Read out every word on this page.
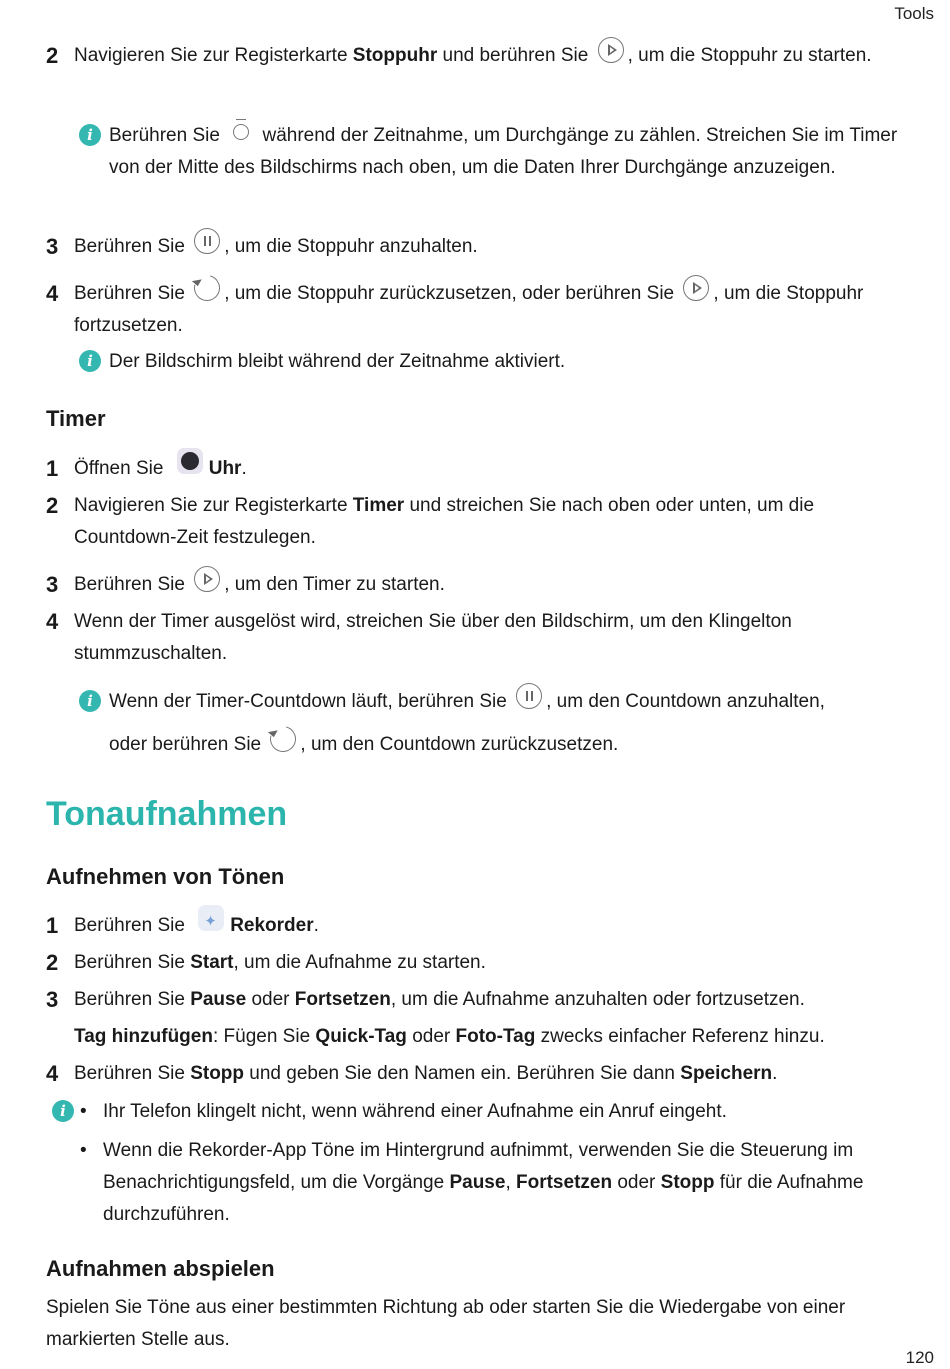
Tools
2 Navigieren Sie zur Registerkarte Stoppuhr und berühren Sie , um die Stoppuhr zu starten.
i Berühren Sie  während der Zeitnahme, um Durchgänge zu zählen. Streichen Sie im Timer von der Mitte des Bildschirms nach oben, um die Daten Ihrer Durchgänge anzuzeigen.
3 Berühren Sie , um die Stoppuhr anzuhalten.
4 Berühren Sie , um die Stoppuhr zurückzusetzen, oder berühren Sie , um die Stoppuhr fortzusetzen.
i Der Bildschirm bleibt während der Zeitnahme aktiviert.
Timer
1 Öffnen Sie Uhr.
2 Navigieren Sie zur Registerkarte Timer und streichen Sie nach oben oder unten, um die Countdown-Zeit festzulegen.
3 Berühren Sie , um den Timer zu starten.
4 Wenn der Timer ausgelöst wird, streichen Sie über den Bildschirm, um den Klingelton stummzuschalten.
i Wenn der Timer-Countdown läuft, berühren Sie , um den Countdown anzuhalten,
oder berühren Sie , um den Countdown zurückzusetzen.
Tonaufnahmen
Aufnehmen von Tönen
1 Berühren Sie ✦Rekorder.
2 Berühren Sie Start, um die Aufnahme zu starten.
3 Berühren Sie Pause oder Fortsetzen, um die Aufnahme anzuhalten oder fortzusetzen.
Tag hinzufügen: Fügen Sie Quick-Tag oder Foto-Tag zwecks einfacher Referenz hinzu.
4 Berühren Sie Stopp und geben Sie den Namen ein. Berühren Sie dann Speichern.
i • Ihr Telefon klingelt nicht, wenn während einer Aufnahme ein Anruf eingeht.
• Wenn die Rekorder-App Töne im Hintergrund aufnimmt, verwenden Sie die Steuerung im Benachrichtigungsfeld, um die Vorgänge Pause, Fortsetzen oder Stopp für die Aufnahme durchzuführen.
Aufnahmen abspielen
Spielen Sie Töne aus einer bestimmten Richtung ab oder starten Sie die Wiedergabe von einer markierten Stelle aus.
120
